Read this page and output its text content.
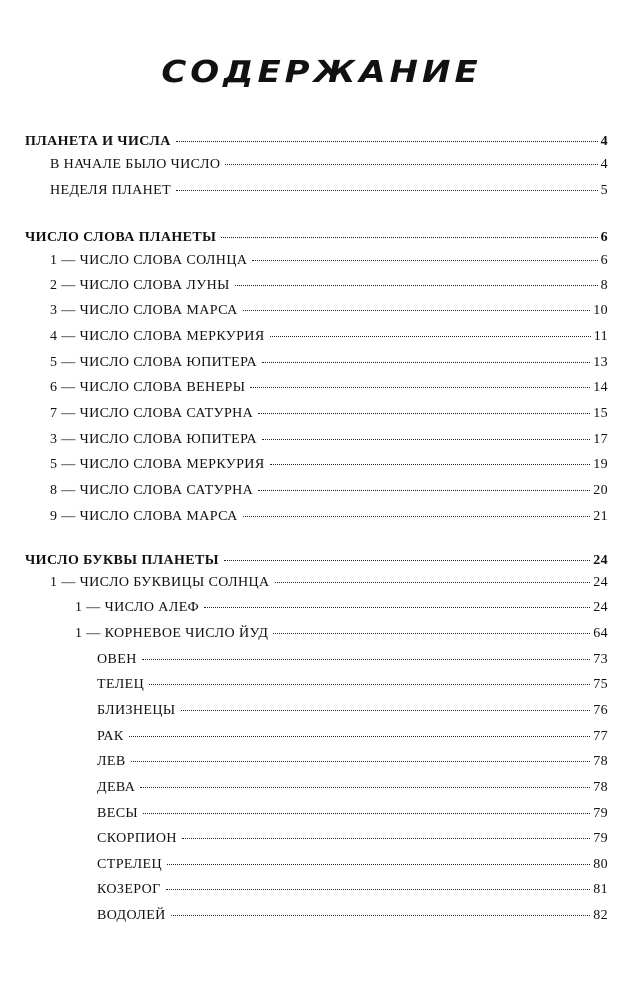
СОДЕРЖАНИЕ
ПЛАНЕТА И ЧИСЛА	4
В НАЧАЛЕ БЫЛО ЧИСЛО	4
НЕДЕЛЯ ПЛАНЕТ	5
ЧИСЛО СЛОВА ПЛАНЕТЫ	6
1 — ЧИСЛО СЛОВА СОЛНЦА	6
2 — ЧИСЛО СЛОВА ЛУНЫ	8
3 — ЧИСЛО СЛОВА МАРСА	10
4 — ЧИСЛО СЛОВА МЕРКУРИЯ	11
5 — ЧИСЛО СЛОВА ЮПИТЕРА	13
6 — ЧИСЛО СЛОВА ВЕНЕРЫ	14
7 — ЧИСЛО СЛОВА САТУРНА	15
3 — ЧИСЛО СЛОВА ЮПИТЕРА	17
5 — ЧИСЛО СЛОВА МЕРКУРИЯ	19
8 — ЧИСЛО СЛОВА САТУРНА	20
9 — ЧИСЛО СЛОВА МАРСА	21
ЧИСЛО БУКВЫ ПЛАНЕТЫ	24
1 — ЧИСЛО БУКВИЦЫ СОЛНЦА	24
1 — ЧИСЛО АЛЕФ	24
1 — КОРНЕВОЕ ЧИСЛО ЙУД	64
ОВЕН	73
ТЕЛЕЦ	75
БЛИЗНЕЦЫ	76
РАК	77
ЛЕВ	78
ДЕВА	78
ВЕСЫ	79
СКОРПИОН	79
СТРЕЛЕЦ	80
КОЗЕРОГ	81
ВОДОЛЕЙ	82
